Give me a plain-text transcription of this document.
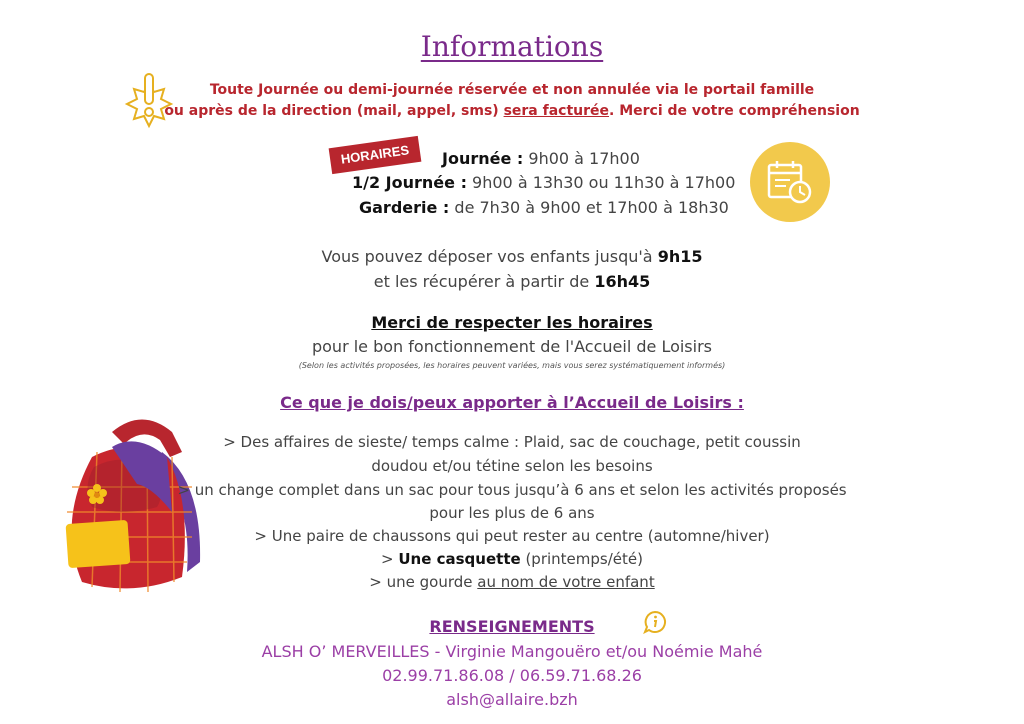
Informations
Toute Journée ou demi-journée réservée et non annulée via le portail famille
ou après de la direction (mail, appel, sms) sera facturée. Merci de votre compréhension
HORAIRES	Journée : 9h00 à 17h00
1/2 Journée : 9h00 à 13h30 ou 11h30 à 17h00
Garderie : de 7h30 à 9h00 et 17h00 à 18h30
Vous pouvez déposer vos enfants jusqu'à 9h15
et les récupérer à partir de 16h45
Merci de respecter les horaires
pour le bon fonctionnement de l'Accueil de Loisirs
(Selon les activités proposées, les horaires peuvent variées, mais vous serez systématiquement informés)
Ce que je dois/peux apporter à l’Accueil de Loisirs :
> Des affaires de sieste/ temps calme : Plaid, sac de couchage, petit coussin
doudou et/ou tétine selon les besoins
> un change complet dans un sac pour tous jusqu’à 6 ans et selon les activités proposés
pour les plus de 6 ans
> Une paire de chaussons qui peut rester au centre (automne/hiver)
> Une casquette (printemps/été)
> une gourde au nom de votre enfant
RENSEIGNEMENTS
ALSH O’ MERVEILLES - Virginie Mangouëro et/ou Noémie Mahé
02.99.71.86.08 / 06.59.71.68.26
alsh@allaire.bzh
